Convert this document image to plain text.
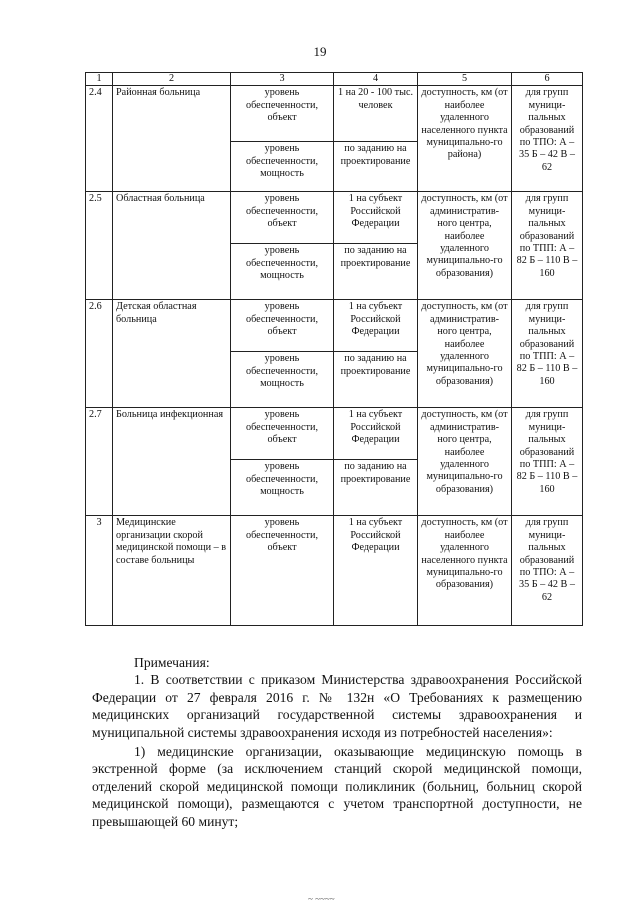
19
1	2	3	4	5	6
2.4	Районная больница	уровень обеспеченности, объект	1 на 20 - 100 тыс. человек	доступность, км (от наиболее удаленного населенного пункта муниципально-го района)	для групп муници-пальных образований по ТПО: А – 35 Б – 42 В – 62
		уровень обеспеченности, мощность	по заданию на проектирование		
2.5	Областная больница	уровень обеспеченности, объект	1 на субъект Российской Федерации	доступность, км (от административ-ного центра, наиболее удаленного муниципально-го образования)	для групп муници-пальных образований по ТПП: А – 82 Б – 110 В – 160
		уровень обеспеченности, мощность	по заданию на проектирование		
2.6	Детская областная больница	уровень обеспеченности, объект	1 на субъект Российской Федерации	доступность, км (от административ-ного центра, наиболее удаленного муниципально-го образования)	для групп муници-пальных образований по ТПП: А – 82 Б – 110 В – 160
		уровень обеспеченности, мощность	по заданию на проектирование		
2.7	Больница инфекционная	уровень обеспеченности, объект	1 на субъект Российской Федерации	доступность, км (от административ-ного центра, наиболее удаленного муниципально-го образования)	для групп муници-пальных образований по ТПП: А – 82 Б – 110 В – 160
		уровень обеспеченности, мощность	по заданию на проектирование		
3	Медицинские организации скорой медицинской помощи – в составе больницы	уровень обеспеченности, объект	1 на субъект Российской Федерации	доступность, км (от наиболее удаленного населенного пункта муниципально-го образования)	для групп муници-пальных образований по ТПО: А – 35 Б – 42 В – 62

Примечания:

1. В соответствии с приказом Министерства здравоохранения Российской Федерации от 27 февраля 2016 г. № 132н «О Требованиях к размещению медицинских организаций государственной системы здравоохранения и муниципальной системы здравоохранения исходя из потребностей населения»:

1) медицинские организации, оказывающие медицинскую помощь в экстренной форме (за исключением станций скорой медицинской помощи, отделений скорой медицинской помощи поликлиник (больниц, больниц скорой медицинской помощи), размещаются с учетом транспортной доступности, не превышающей 60 минут;

~ ~~~~
